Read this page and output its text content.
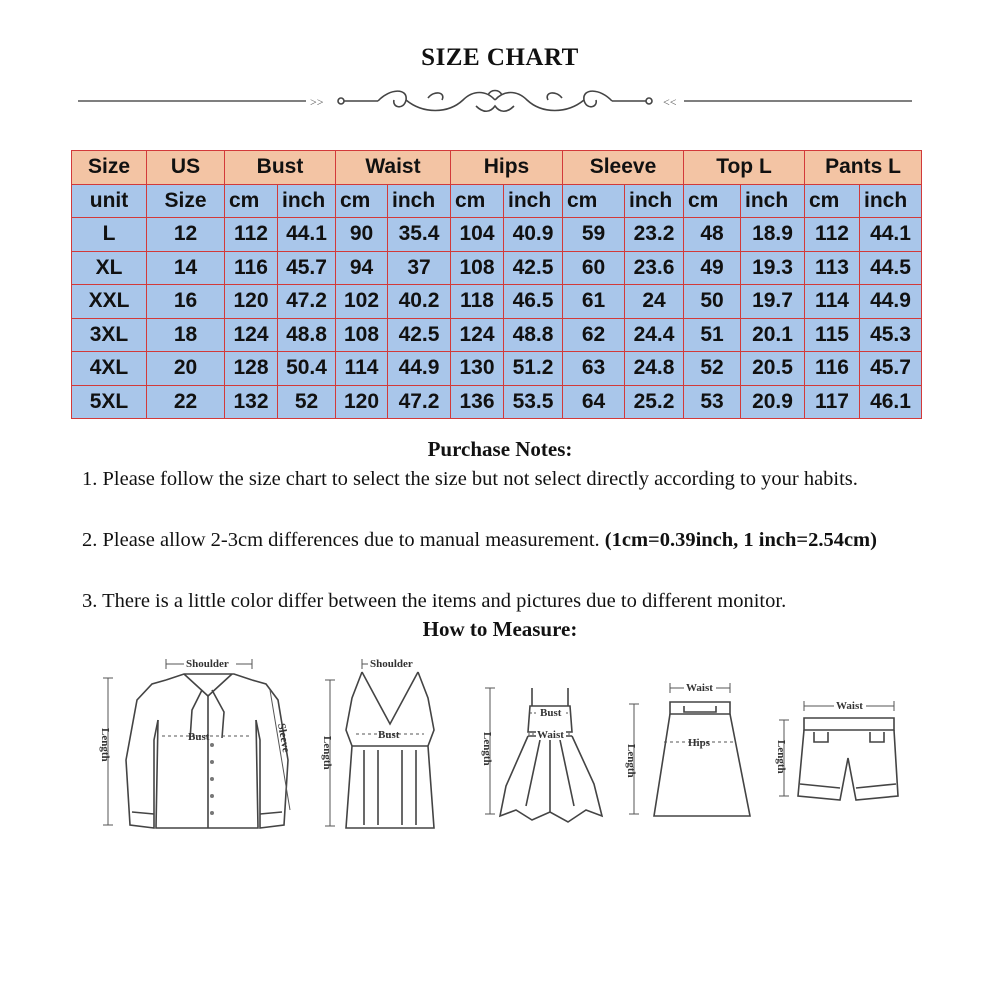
SIZE CHART
>>	<<
Size	US	Bust		Waist		Hips		Sleeve		Top L		Pants L	
unit	Size	cm	inch	cm	inch	cm	inch	cm	inch	cm	inch	cm	inch
L	12	112	44.1	90	35.4	104	40.9	59	23.2	48	18.9	112	44.1
XL	14	116	45.7	94	37	108	42.5	60	23.6	49	19.3	113	44.5
XXL	16	120	47.2	102	40.2	118	46.5	61	24	50	19.7	114	44.9
3XL	18	124	48.8	108	42.5	124	48.8	62	24.4	51	20.1	115	45.3
4XL	20	128	50.4	114	44.9	130	51.2	63	24.8	52	20.5	116	45.7
5XL	22	132	52	120	47.2	136	53.5	64	25.2	53	20.9	117	46.1
Purchase Notes:
1. Please follow the size chart to select the size but not select directly according to your habits.
2. Please allow 2-3cm differences due to manual measurement. (1cm=0.39inch, 1 inch=2.54cm)
3. There is a little color differ between the items and pictures due to different monitor.
How to Measure:
Shoulder
Bust
Length	Sleeve
Shoulder
Bust
Length
Bust
Waist
Length
Waist
Hips
Length
Waist
Length
